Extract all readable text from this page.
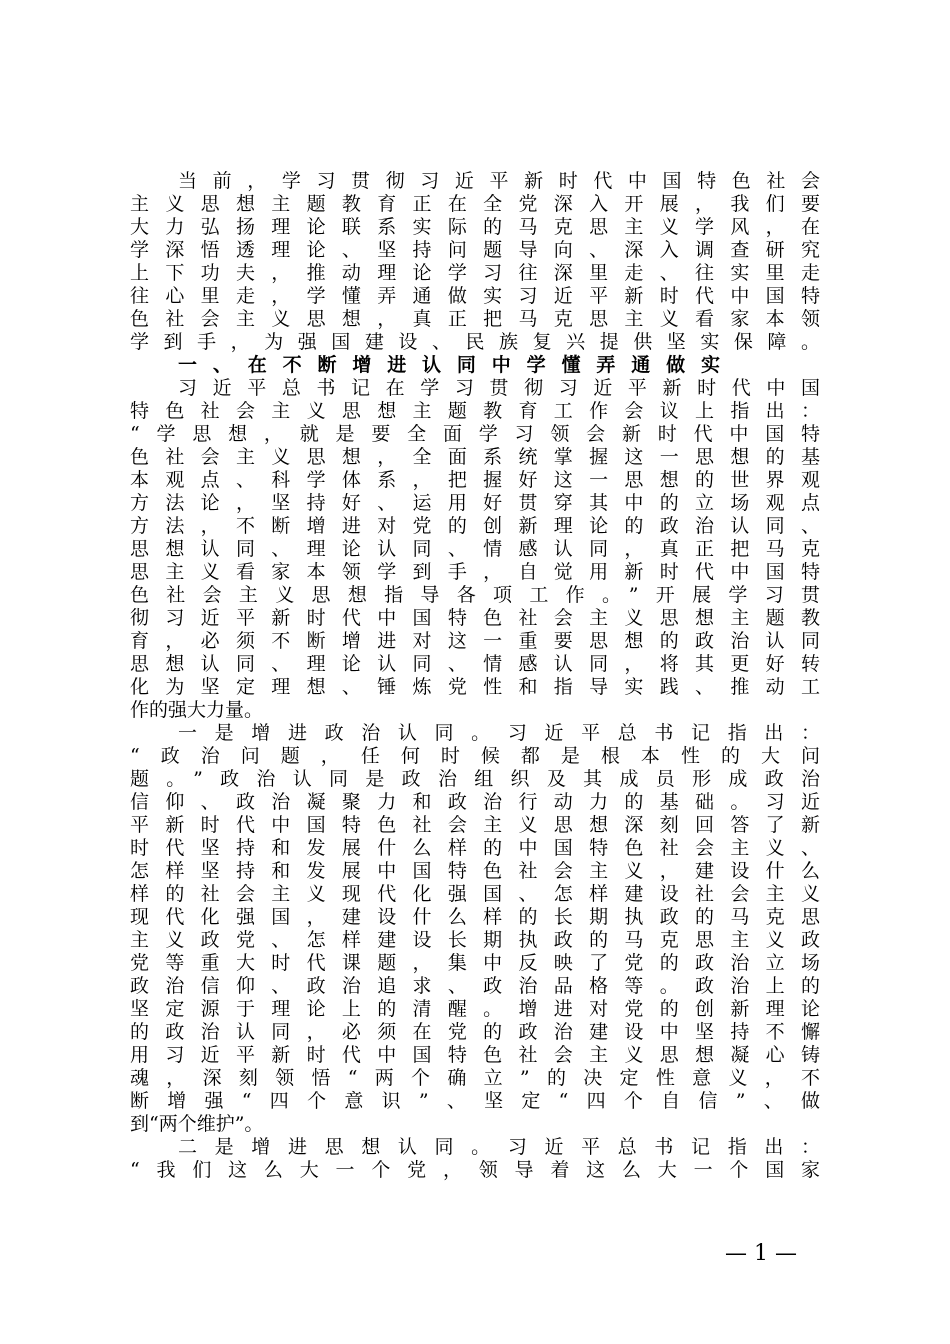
当前，学习贯彻习近平新时代中国特色社会
主义思想主题教育正在全党深入开展，我们要
大力弘扬理论联系实际的马克思主义学风，在
学深悟透理论、坚持问题导向、深入调查研究
上下功夫，推动理论学习往深里走、往实里走
往心里走，学懂弄通做实习近平新时代中国特
色社会主义思想，真正把马克思主义看家本领
学到手，为强国建设、民族复兴提供坚实保障。
一、在不断增进认同中学懂弄通做实
习近平总书记在学习贯彻习近平新时代中国
特色社会主义思想主题教育工作会议上指出：
“学思想，就是要全面学习领会新时代中国特
色社会主义思想，全面系统掌握这一思想的基
本观点、科学体系，把握好这一思想的世界观
方法论，坚持好、运用好贯穿其中的立场观点
方法，不断增进对党的创新理论的政治认同、
思想认同、理论认同、情感认同，真正把马克
思主义看家本领学到手，自觉用新时代中国特
色社会主义思想指导各项工作。”开展学习贯
彻习近平新时代中国特色社会主义思想主题教
育，必须不断增进对这一重要思想的政治认同
思想认同、理论认同、情感认同，将其更好转
化为坚定理想、锤炼党性和指导实践、推动工
作的强大力量。
一是增进政治认同。习近平总书记指出：
“政治问题，任何时候都是根本性的大问
题。”政治认同是政治组织及其成员形成政治
信仰、政治凝聚力和政治行动力的基础。习近
平新时代中国特色社会主义思想深刻回答了新
时代坚持和发展什么样的中国特色社会主义、
怎样坚持和发展中国特色社会主义，建设什么
样的社会主义现代化强国、怎样建设社会主义
现代化强国，建设什么样的长期执政的马克思
主义政党、怎样建设长期执政的马克思主义政
党等重大时代课题，集中反映了党的政治立场
政治信仰、政治追求、政治品格等。政治上的
坚定源于理论上的清醒。增进对党的创新理论
的政治认同，必须在党的政治建设中坚持不懈
用习近平新时代中国特色社会主义思想凝心铸
魂，深刻领悟“两个确立”的决定性意义，不
断增强“四个意识”、坚定“四个自信”、做
到“两个维护”。
二是增进思想认同。习近平总书记指出：
“我们这么大一个党，领导着这么大一个国家
— 1 —
